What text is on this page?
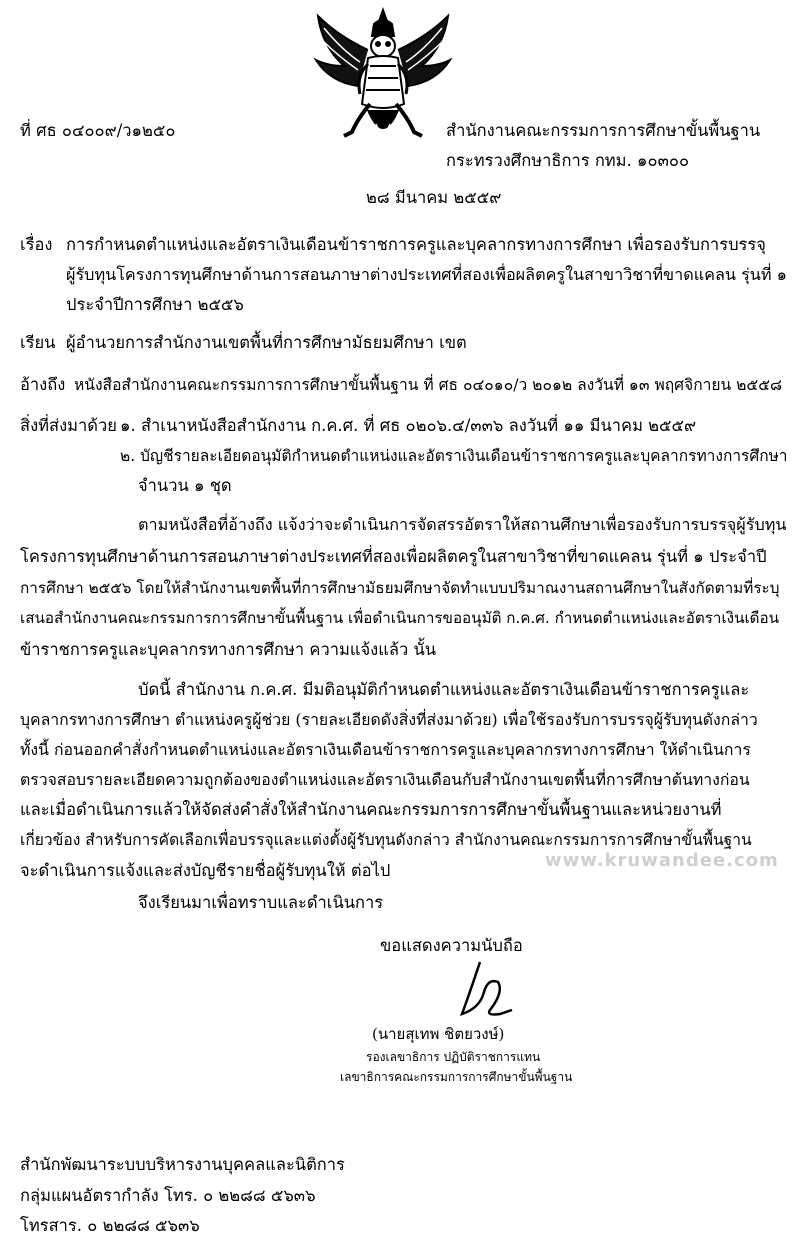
ที่ ศธ ๐๔๐๐๙/ว๑๒๕๐	สำนักงานคณะกรรมการการศึกษาขั้นพื้นฐาน
กระทรวงศึกษาธิการ กทม. ๑๐๓๐๐
๒๘ มีนาคม ๒๕๕๙
เรื่อง การกำหนดตำแหน่งและอัตราเงินเดือนข้าราชการครูและบุคลากรทางการศึกษา เพื่อรองรับการบรรจุ
ผู้รับทุนโครงการทุนศึกษาด้านการสอนภาษาต่างประเทศที่สองเพื่อผลิตครูในสาขาวิชาที่ขาดแคลน รุ่นที่ ๑
ประจำปีการศึกษา ๒๕๕๖
เรียน ผู้อำนวยการสำนักงานเขตพื้นที่การศึกษามัธยมศึกษา เขต
อ้างถึง หนังสือสำนักงานคณะกรรมการการศึกษาขั้นพื้นฐาน ที่ ศธ ๐๔๐๑๐/ว ๒๐๑๒ ลงวันที่ ๑๓ พฤศจิกายน ๒๕๕๘
สิ่งที่ส่งมาด้วย ๑. สำเนาหนังสือสำนักงาน ก.ค.ศ. ที่ ศธ ๐๒๐๖.๔/๓๓๖ ลงวันที่ ๑๑ มีนาคม ๒๕๕๙
๒. บัญชีรายละเอียดอนุมัติกำหนดตำแหน่งและอัตราเงินเดือนข้าราชการครูและบุคลากรทางการศึกษา
จำนวน ๑ ชุด
ตามหนังสือที่อ้างถึง แจ้งว่าจะดำเนินการจัดสรรอัตราให้สถานศึกษาเพื่อรองรับการบรรจุผู้รับทุน
โครงการทุนศึกษาด้านการสอนภาษาต่างประเทศที่สองเพื่อผลิตครูในสาขาวิชาที่ขาดแคลน รุ่นที่ ๑ ประจำปี
การศึกษา ๒๕๕๖ โดยให้สำนักงานเขตพื้นที่การศึกษามัธยมศึกษาจัดทำแบบปริมาณงานสถานศึกษาในสังกัดตามที่ระบุ
เสนอสำนักงานคณะกรรมการการศึกษาขั้นพื้นฐาน เพื่อดำเนินการขออนุมัติ ก.ค.ศ. กำหนดตำแหน่งและอัตราเงินเดือน
ข้าราชการครูและบุคลากรทางการศึกษา ความแจ้งแล้ว นั้น
บัดนี้ สำนักงาน ก.ค.ศ. มีมติอนุมัติกำหนดตำแหน่งและอัตราเงินเดือนข้าราชการครูและ
บุคลากรทางการศึกษา ตำแหน่งครูผู้ช่วย (รายละเอียดดังสิ่งที่ส่งมาด้วย) เพื่อใช้รองรับการบรรจุผู้รับทุนดังกล่าว
ทั้งนี้ ก่อนออกคำสั่งกำหนดตำแหน่งและอัตราเงินเดือนข้าราชการครูและบุคลากรทางการศึกษา ให้ดำเนินการ
ตรวจสอบรายละเอียดความถูกต้องของตำแหน่งและอัตราเงินเดือนกับสำนักงานเขตพื้นที่การศึกษาต้นทางก่อน
และเมื่อดำเนินการแล้วให้จัดส่งคำสั่งให้สำนักงานคณะกรรมการการศึกษาขั้นพื้นฐานและหน่วยงานที่
เกี่ยวข้อง สำหรับการคัดเลือกเพื่อบรรจุและแต่งตั้งผู้รับทุนดังกล่าว สำนักงานคณะกรรมการการศึกษาขั้นพื้นฐาน
จะดำเนินการแจ้งและส่งบัญชีรายชื่อผู้รับทุนให้ ต่อไป	www.kruwandee.com
จึงเรียนมาเพื่อทราบและดำเนินการ
ขอแสดงความนับถือ
(นายสุเทพ ชิตยวงษ์)
รองเลขาธิการ ปฏิบัติราชการแทน
เลขาธิการคณะกรรมการการศึกษาขั้นพื้นฐาน
สำนักพัฒนาระบบบริหารงานบุคคลและนิติการ
กลุ่มแผนอัตรากำลัง โทร. ๐ ๒๒๘๘ ๕๖๓๖
โทรสาร. ๐ ๒๒๘๘ ๕๖๓๖
